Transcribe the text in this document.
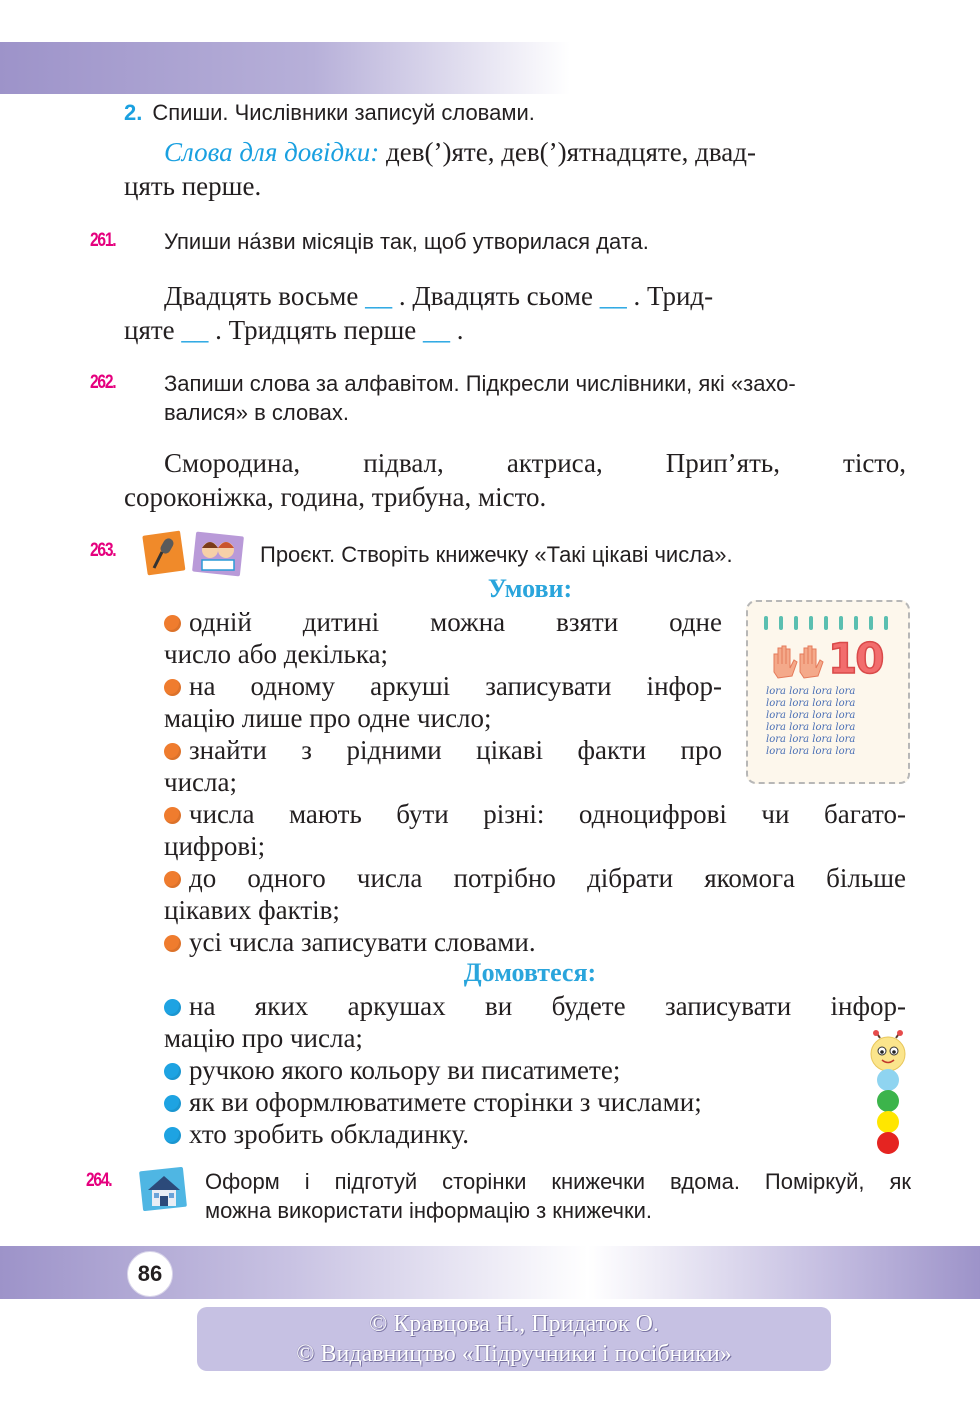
2. Спиши. Числівники записуй словами.

Слова для довідки: дев(’)яте, дев(’)ятнадцяте, двад-

цять перше.

261. Упиши на́зви місяців так, щоб утворилася дата.

Двадцять восьме __ . Двадцять сьоме __ . Трид-

цяте __ . Тридцять перше __ .

262. Запиши слова за алфавітом. Підкресли числівники, які «захо-

валися» в словах.

Смородина, підвал, актриса, Прип’ять, тісто,

сороконіжка, година, трибуна, місто.

263.	Проєкт. Створіть книжечку «Такі цікаві числа».

Умови:

одній дитині можна взяти одне

число або декілька;

на одному аркуші записувати інфор-

мацію лише про одне число;

знайти з рідними цікаві факти про

числа;

числа мають бути різні: одноцифрові чи багато-

цифрові;

до одного числа потрібно дібрати якомога більше

цікавих фактів;

усі числа записувати словами.

Домовтеся:

на яких аркушах ви будете записувати інфор-

мацію про числа;

ручкою якого кольору ви писатимете;

як ви оформлюватимете сторінки з числами;

хто зробить обкладинку.

10
lora lora lora lora
lora lora lora lora
lora lora lora lora
lora lora lora lora
lora lora lora lora
lora lora lora lora
264.	Оформ і підготуй сторінки книжечки вдома. Поміркуй, як

можна використати інформацію з книжечки.

86
© Кравцова Н., Придаток О.
© Видавництво «Підручники і посібники»
